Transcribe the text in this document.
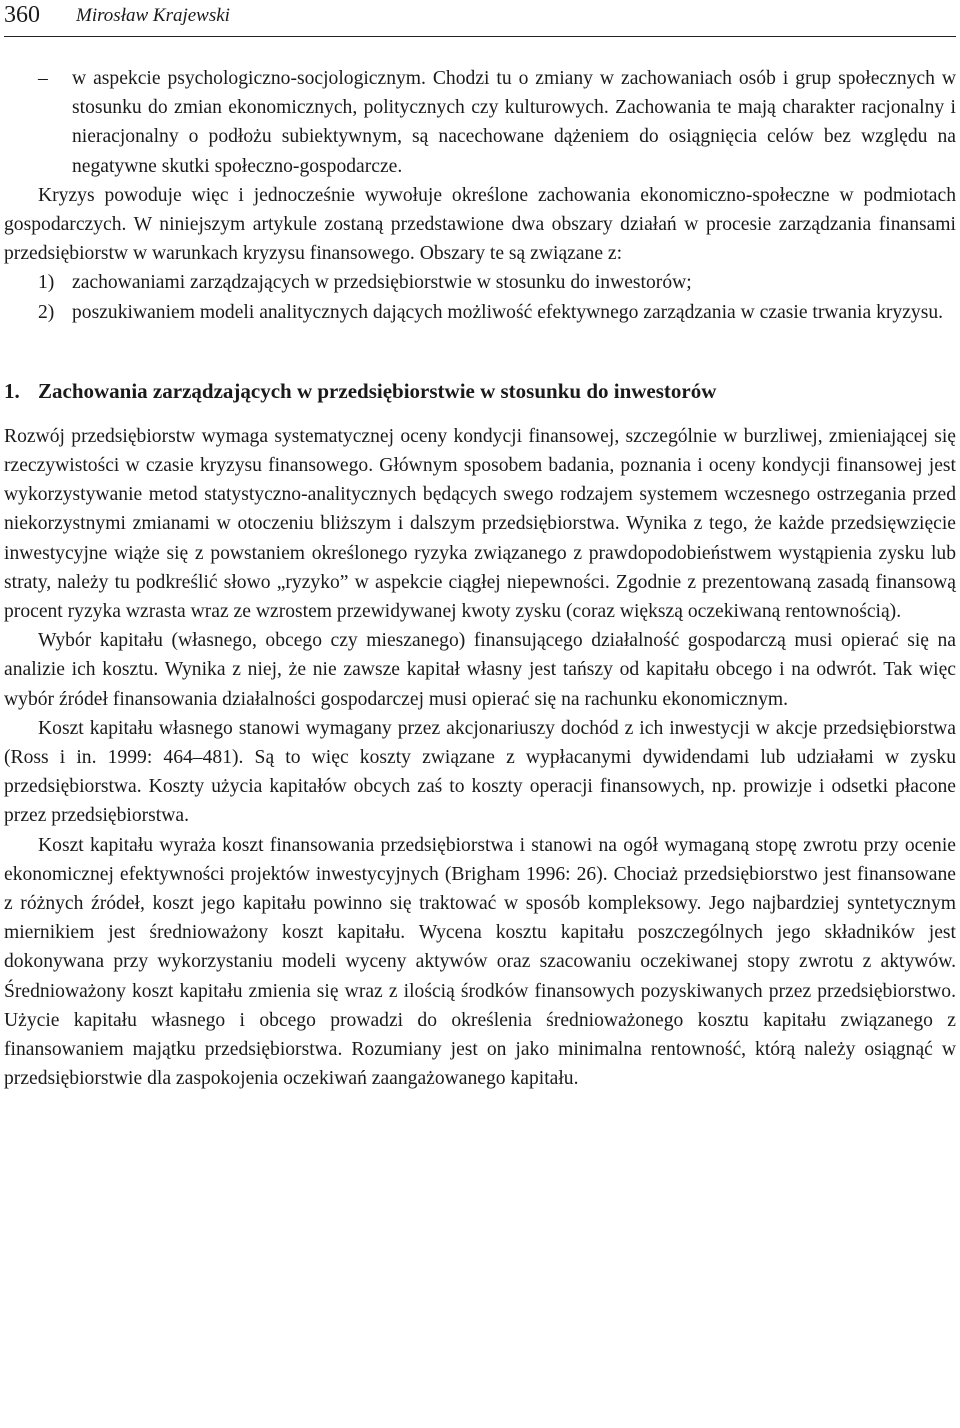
360 Mirosław Krajewski

– w aspekcie psychologiczno-socjologicznym. Chodzi tu o zmiany w zachowaniach osób i grup społecznych w stosunku do zmian ekonomicznych, politycznych czy kulturowych. Zachowania te mają charakter racjonalny i nieracjonalny o podłożu subiektywnym, są nacechowane dążeniem do osiągnięcia celów bez względu na negatywne skutki społeczno-gospodarcze.

Kryzys powoduje więc i jednocześnie wywołuje określone zachowania ekonomiczno-społeczne w podmiotach gospodarczych. W niniejszym artykule zostaną przedstawione dwa obszary działań w procesie zarządzania finansami przedsiębiorstw w warunkach kryzysu finansowego. Obszary te są związane z:

1) zachowaniami zarządzających w przedsiębiorstwie w stosunku do inwestorów;

2) poszukiwaniem modeli analitycznych dających możliwość efektywnego zarządzania w czasie trwania kryzysu.

1. Zachowania zarządzających w przedsiębiorstwie w stosunku do inwestorów

Rozwój przedsiębiorstw wymaga systematycznej oceny kondycji finansowej, szczególnie w burzliwej, zmieniającej się rzeczywistości w czasie kryzysu finansowego. Głównym sposobem badania, poznania i oceny kondycji finansowej jest wykorzystywanie metod statystyczno-analitycznych będących swego rodzajem systemem wczesnego ostrzegania przed niekorzystnymi zmianami w otoczeniu bliższym i dalszym przedsiębiorstwa. Wynika z tego, że każde przedsięwzięcie inwestycyjne wiąże się z powstaniem określonego ryzyka związanego z prawdopodobieństwem wystąpienia zysku lub straty, należy tu podkreślić słowo „ryzyko” w aspekcie ciągłej niepewności. Zgodnie z prezentowaną zasadą finansową procent ryzyka wzrasta wraz ze wzrostem przewidywanej kwoty zysku (coraz większą oczekiwaną rentownością).

Wybór kapitału (własnego, obcego czy mieszanego) finansującego działalność gospodarczą musi opierać się na analizie ich kosztu. Wynika z niej, że nie zawsze kapitał własny jest tańszy od kapitału obcego i na odwrót. Tak więc wybór źródeł finansowania działalności gospodarczej musi opierać się na rachunku ekonomicznym.

Koszt kapitału własnego stanowi wymagany przez akcjonariuszy dochód z ich inwestycji w akcje przedsiębiorstwa (Ross i in. 1999: 464–481). Są to więc koszty związane z wypłacanymi dywidendami lub udziałami w zysku przedsiębiorstwa. Koszty użycia kapitałów obcych zaś to koszty operacji finansowych, np. prowizje i odsetki płacone przez przedsiębiorstwa.

Koszt kapitału wyraża koszt finansowania przedsiębiorstwa i stanowi na ogół wymaganą stopę zwrotu przy ocenie ekonomicznej efektywności projektów inwestycyjnych (Brigham 1996: 26). Chociaż przedsiębiorstwo jest finansowane z różnych źródeł, koszt jego kapitału powinno się traktować w sposób kompleksowy. Jego najbardziej syntetycznym miernikiem jest średnioważony koszt kapitału. Wycena kosztu kapitału poszczególnych jego składników jest dokonywana przy wykorzystaniu modeli wyceny aktywów oraz szacowaniu oczekiwanej stopy zwrotu z aktywów. Średnioważony koszt kapitału zmienia się wraz z ilością środków finansowych pozyskiwanych przez przedsiębiorstwo. Użycie kapitału własnego i obcego prowadzi do określenia średnioważonego kosztu kapitału związanego z finansowaniem majątku przedsiębiorstwa. Rozumiany jest on jako minimalna rentowność, którą należy osiągnąć w przedsiębiorstwie dla zaspokojenia oczekiwań zaangażowanego kapitału.
